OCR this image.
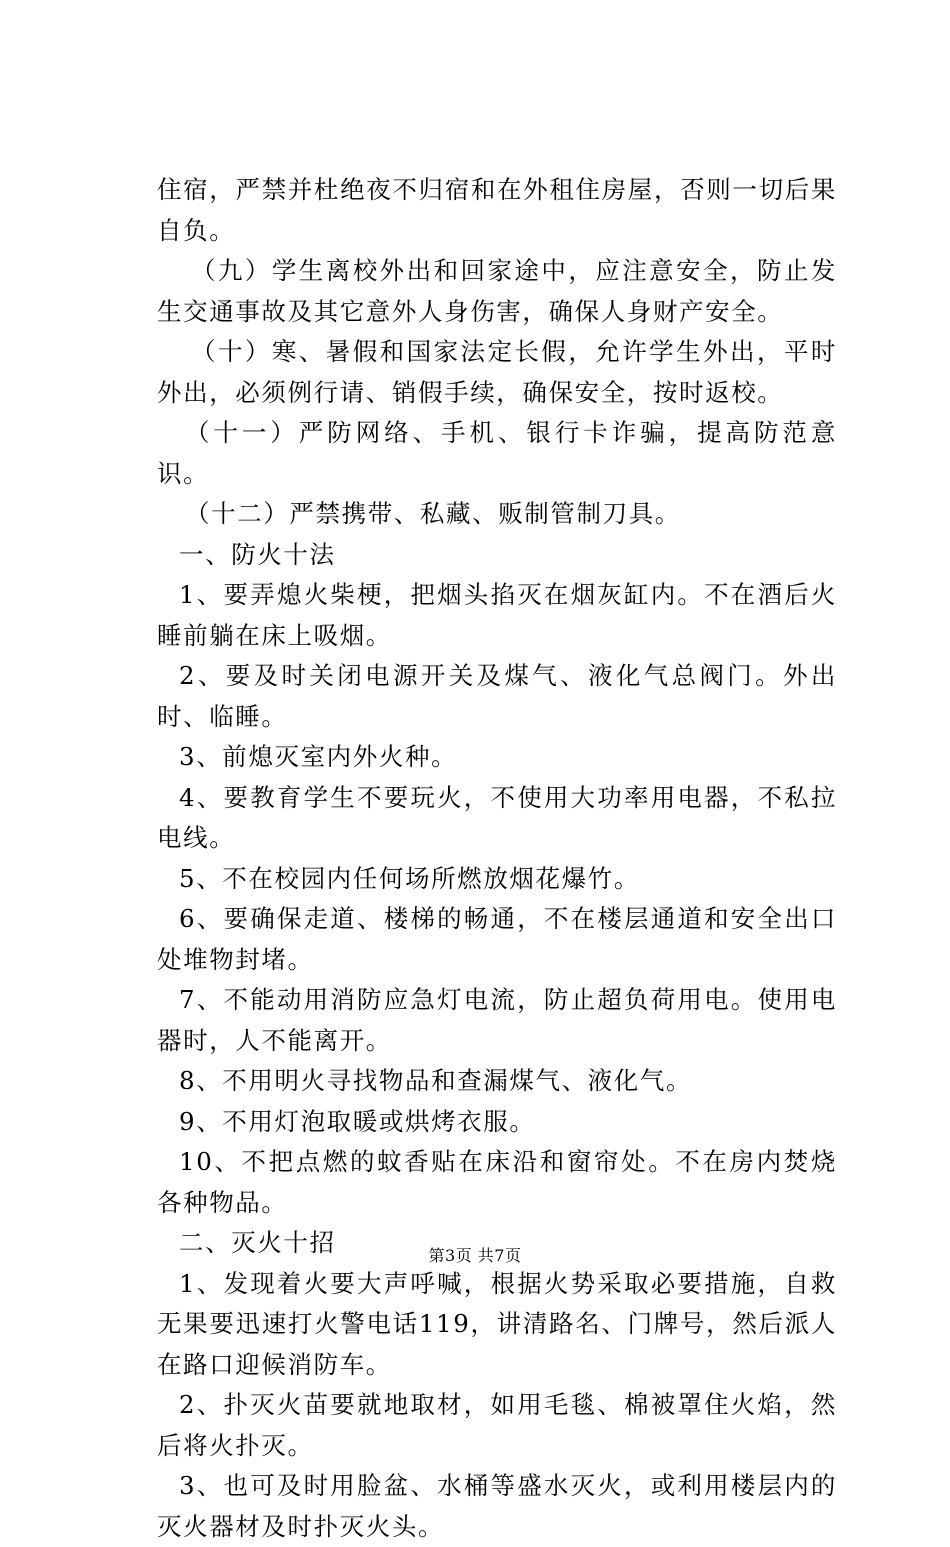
住宿，严禁并杜绝夜不归宿和在外租住房屋，否则一切后果自负。

（九）学生离校外出和回家途中，应注意安全，防止发生交通事故及其它意外人身伤害，确保人身财产安全。

（十）寒、暑假和国家法定长假，允许学生外出，平时外出，必须例行请、销假手续，确保安全，按时返校。

（十一）严防网络、手机、银行卡诈骗，提高防范意识。

（十二）严禁携带、私藏、贩制管制刀具。

一、防火十法

1、要弄熄火柴梗，把烟头掐灭在烟灰缸内。不在酒后火睡前躺在床上吸烟。

2、要及时关闭电源开关及煤气、液化气总阀门。外出时、临睡。

3、前熄灭室内外火种。

4、要教育学生不要玩火，不使用大功率用电器，不私拉电线。

5、不在校园内任何场所燃放烟花爆竹。

6、要确保走道、楼梯的畅通，不在楼层通道和安全出口处堆物封堵。

7、不能动用消防应急灯电流，防止超负荷用电。使用电器时，人不能离开。

8、不用明火寻找物品和查漏煤气、液化气。

9、不用灯泡取暖或烘烤衣服。

10、不把点燃的蚊香贴在床沿和窗帘处。不在房内焚烧各种物品。

二、灭火十招

1、发现着火要大声呼喊，根据火势采取必要措施，自救无果要迅速打火警电话119，讲清路名、门牌号，然后派人在路口迎候消防车。

2、扑灭火苗要就地取材，如用毛毯、棉被罩住火焰，然后将火扑灭。

3、也可及时用脸盆、水桶等盛水灭火，或利用楼层内的灭火器材及时扑灭火头。

第3页 共7页
